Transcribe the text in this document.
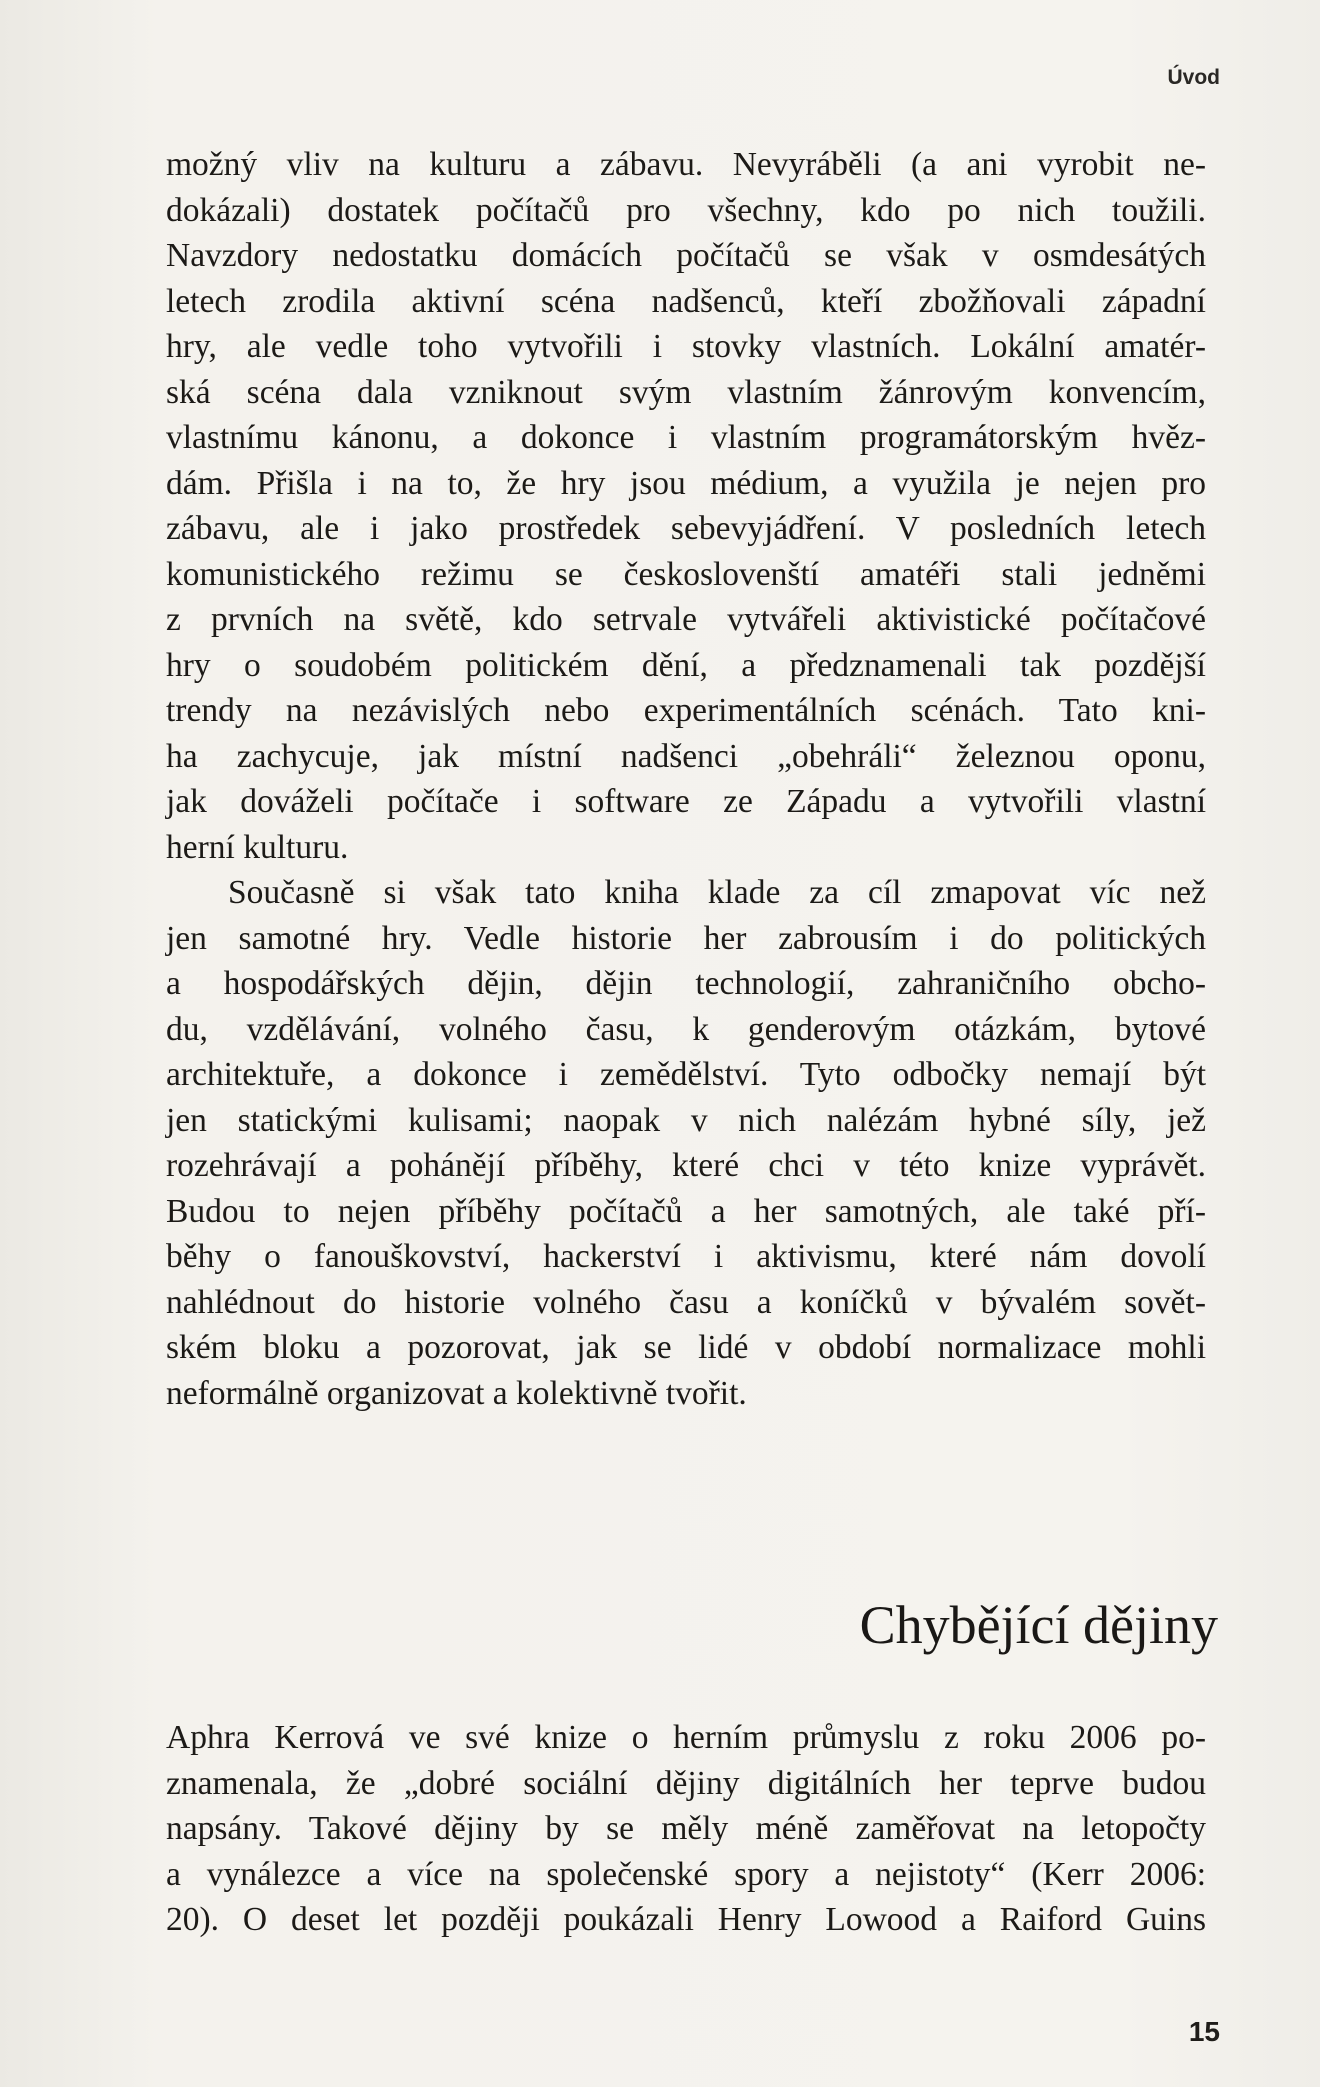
Úvod

možný vliv na kulturu a zábavu. Nevyráběli (a ani vyrobit ne-
dokázali) dostatek počítačů pro všechny, kdo po nich toužili.
Navzdory nedostatku domácích počítačů se však v osmdesátých
letech zrodila aktivní scéna nadšenců, kteří zbožňovali západní
hry, ale vedle toho vytvořili i stovky vlastních. Lokální amatér-
ská scéna dala vzniknout svým vlastním žánrovým konvencím,
vlastnímu kánonu, a dokonce i vlastním programátorským hvěz-
dám. Přišla i na to, že hry jsou médium, a využila je nejen pro
zábavu, ale i jako prostředek sebevyjádření. V posledních letech
komunistického režimu se českoslovenští amatéři stali jedněmi
z prvních na světě, kdo setrvale vytvářeli aktivistické počítačové
hry o soudobém politickém dění, a předznamenali tak pozdější
trendy na nezávislých nebo experimentálních scénách. Tato kni-
ha zachycuje, jak místní nadšenci „obehráli“ železnou oponu,
jak dováželi počítače i software ze Západu a vytvořili vlastní
herní kulturu.

Současně si však tato kniha klade za cíl zmapovat víc než
jen samotné hry. Vedle historie her zabrousím i do politických
a hospodářských dějin, dějin technologií, zahraničního obcho-
du, vzdělávání, volného času, k genderovým otázkám, bytové
architektuře, a dokonce i zemědělství. Tyto odbočky nemají být
jen statickými kulisami; naopak v nich nalézám hybné síly, jež
rozehrávají a pohánějí příběhy, které chci v této knize vyprávět.
Budou to nejen příběhy počítačů a her samotných, ale také pří-
běhy o fanouškovství, hackerství i aktivismu, které nám dovolí
nahlédnout do historie volného času a koníčků v bývalém sovět-
ském bloku a pozorovat, jak se lidé v období normalizace mohli
neformálně organizovat a kolektivně tvořit.

Chybějící dějiny

Aphra Kerrová ve své knize o herním průmyslu z roku 2006 po-
znamenala, že „dobré sociální dějiny digitálních her teprve budou
napsány. Takové dějiny by se měly méně zaměřovat na letopočty
a vynálezce a více na společenské spory a nejistoty“ (Kerr 2006:
20). O deset let později poukázali Henry Lowood a Raiford Guins

15
